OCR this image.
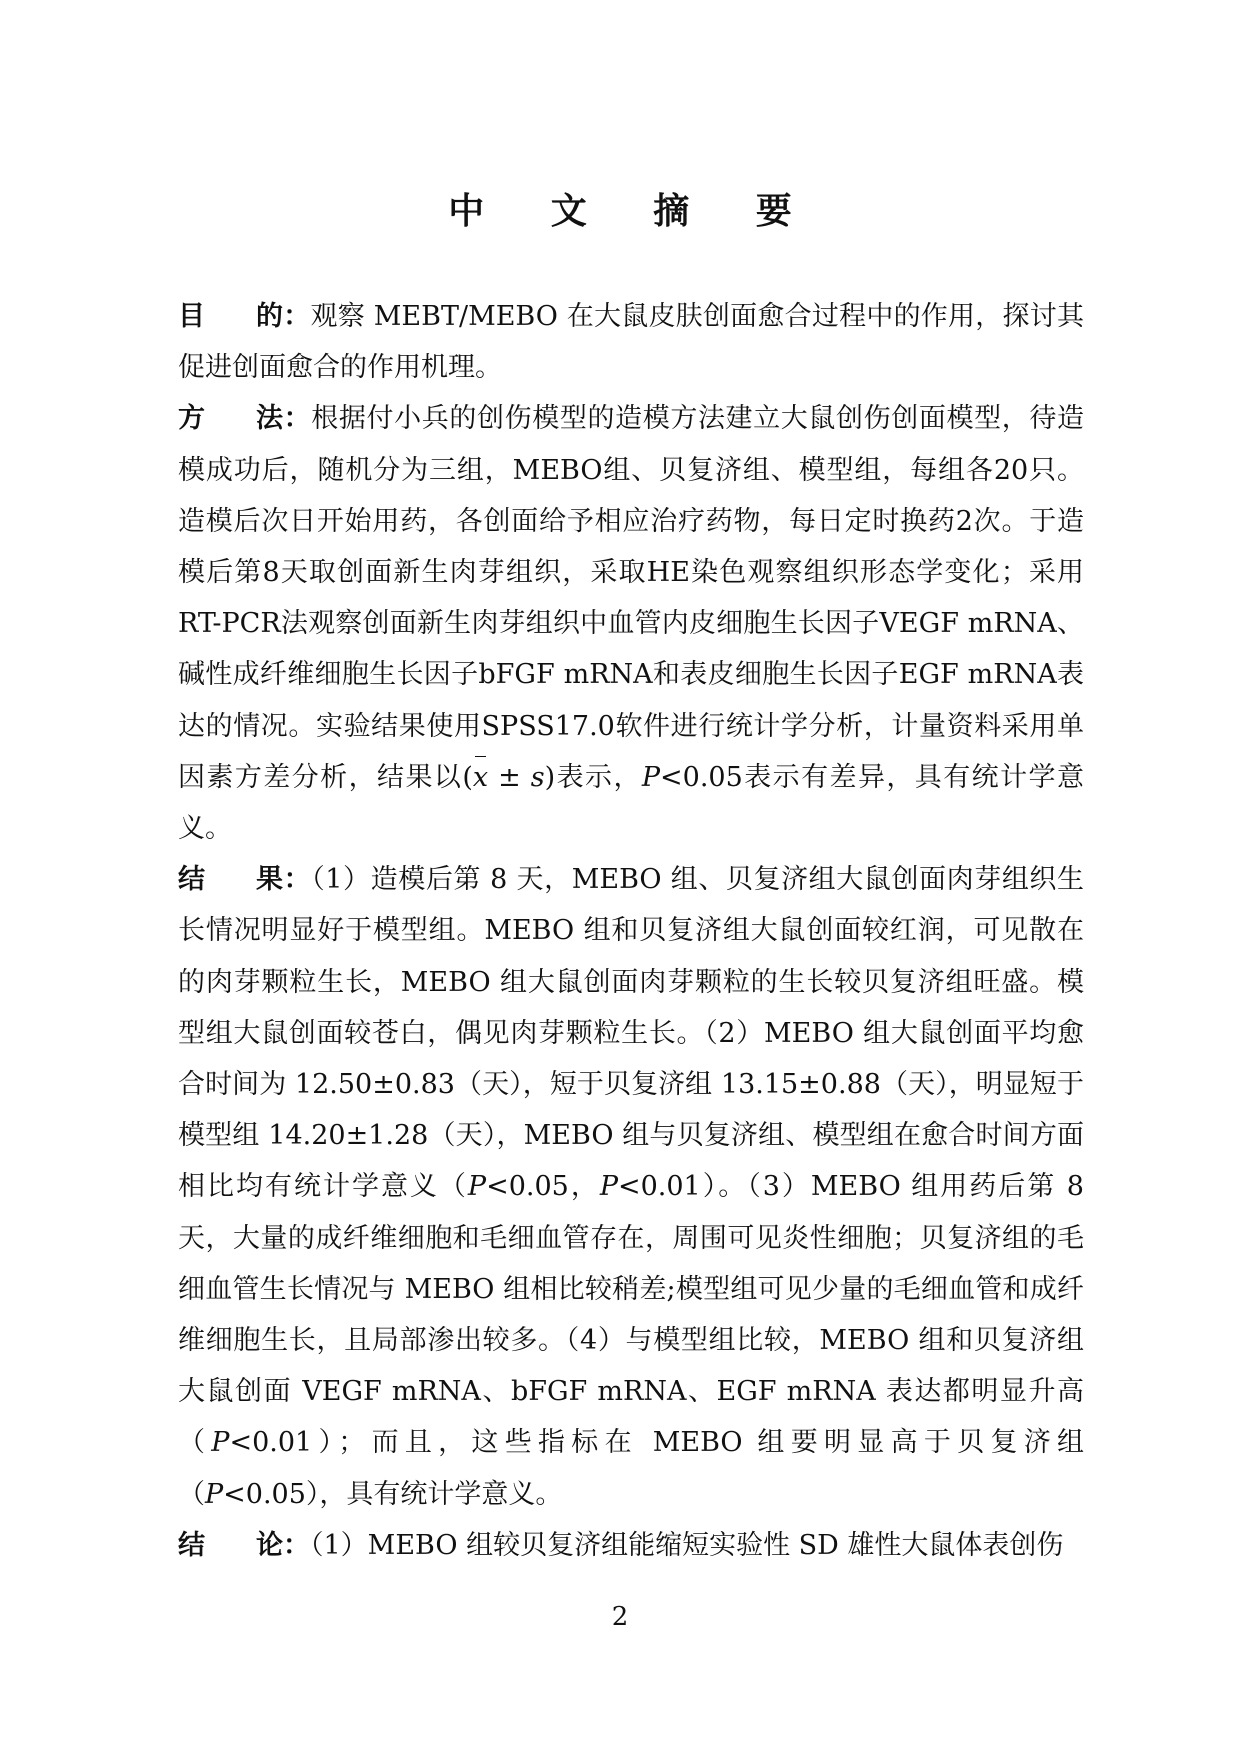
中 文 摘 要

目 的：观察 MEBT/MEBO 在大鼠皮肤创面愈合过程中的作用，探讨其促进创面愈合的作用机理。

方 法：根据付小兵的创伤模型的造模方法建立大鼠创伤创面模型，待造模成功后，随机分为三组，MEBO组、贝复济组、模型组，每组各20只。造模后次日开始用药，各创面给予相应治疗药物，每日定时换药2次。于造模后第8天取创面新生肉芽组织，采取HE染色观察组织形态学变化；采用RT-PCR法观察创面新生肉芽组织中血管内皮细胞生长因子VEGF mRNA、碱性成纤维细胞生长因子bFGF mRNA和表皮细胞生长因子EGF mRNA表达的情况。实验结果使用SPSS17.0软件进行统计学分析，计量资料采用单因素方差分析，结果以(x ± s)表示，P<0.05表示有差异，具有统计学意义。

结 果：（1）造模后第 8 天，MEBO 组、贝复济组大鼠创面肉芽组织生长情况明显好于模型组。MEBO 组和贝复济组大鼠创面较红润，可见散在的肉芽颗粒生长，MEBO 组大鼠创面肉芽颗粒的生长较贝复济组旺盛。模型组大鼠创面较苍白，偶见肉芽颗粒生长。（2）MEBO 组大鼠创面平均愈合时间为 12.50±0.83（天），短于贝复济组 13.15±0.88（天），明显短于模型组 14.20±1.28（天），MEBO 组与贝复济组、模型组在愈合时间方面相比均有统计学意义（P<0.05，P<0.01）。（3）MEBO 组用药后第 8 天，大量的成纤维细胞和毛细血管存在，周围可见炎性细胞；贝复济组的毛细血管生长情况与 MEBO 组相比较稍差;模型组可见少量的毛细血管和成纤维细胞生长，且局部渗出较多。（4）与模型组比较，MEBO 组和贝复济组大鼠创面 VEGF mRNA、bFGF mRNA、EGF mRNA 表达都明显升高（P<0.01）；而且，这些指标在 MEBO 组要明显高于贝复济组（P<0.05），具有统计学意义。

结 论：（1）MEBO 组较贝复济组能缩短实验性 SD 雄性大鼠体表创伤

2
